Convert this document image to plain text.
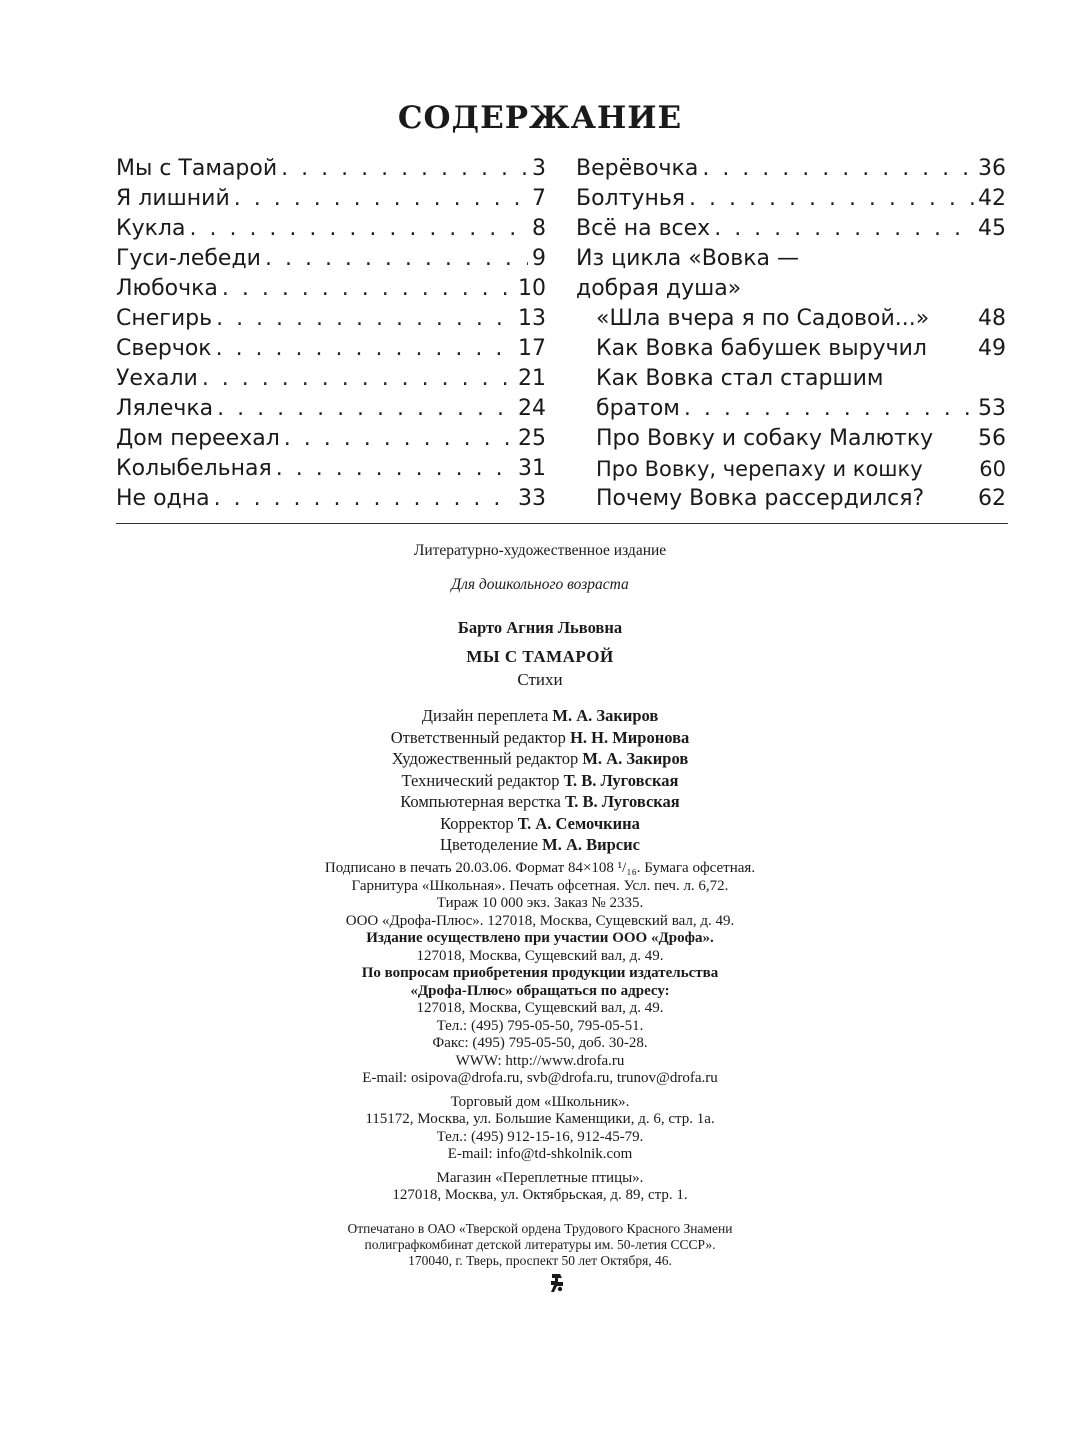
СОДЕРЖАНИЕ
Мы с Тамарой . . .	3
Я лишний . . .	7
Кукла . . .	8
Гуси-лебеди . . .	9
Любочка . . .	10
Снегирь . . .	13
Сверчок . . .	17
Уехали . . .	21
Лялечка . . .	24
Дом переехал . . .	25
Колыбельная . . .	31
Не одна . . .	33
Верёвочка . . .	36
Болтунья . . .	42
Всё на всех . . .	45
Из цикла «Вовка —
добрая душа»
«Шла вчера я по Садовой...» 48
Как Вовка бабушек выручил 49
Как Вовка стал старшим
братом . . .	53
Про Вовку и собаку Малютку 56
Про Вовку, черепаху и кошку	60
Почему Вовка рассердился? 62
Литературно-художественное издание
Для дошкольного возраста
Барто Агния Львовна
МЫ С ТАМАРОЙ
Стихи
Дизайн переплета М. А. Закиров
Ответственный редактор Н. Н. Миронова
Художественный редактор М. А. Закиров
Технический редактор Т. В. Луговская
Компьютерная верстка Т. В. Луговская
Корректор Т. А. Семочкина
Цветоделение М. А. Вирсис
Подписано в печать 20.03.06. Формат 84×108 ¹/₁₆. Бумага офсетная.
Гарнитура «Школьная». Печать офсетная. Усл. печ. л. 6,72.
Тираж 10 000 экз. Заказ № 2335.
ООО «Дрофа-Плюс». 127018, Москва, Сущевский вал, д. 49.
Издание осуществлено при участии ООО «Дрофа».
127018, Москва, Сущевский вал, д. 49.
По вопросам приобретения продукции издательства
«Дрофа-Плюс» обращаться по адресу:
127018, Москва, Сущевский вал, д. 49.
Тел.: (495) 795-05-50, 795-05-51.
Факс: (495) 795-05-50, доб. 30-28.
WWW: http://www.drofa.ru
E-mail: osipova@drofa.ru, svb@drofa.ru, trunov@drofa.ru
Торговый дом «Школьник».
115172, Москва, ул. Большие Каменщики, д. 6, стр. 1а.
Тел.: (495) 912-15-16, 912-45-79.
E-mail: info@td-shkolnik.com
Магазин «Переплетные птицы».
127018, Москва, ул. Октябрьская, д. 89, стр. 1.
Отпечатано в ОАО «Тверской ордена Трудового Красного Знамени
полиграфкомбинат детской литературы им. 50-летия СССР».
170040, г. Тверь, проспект 50 лет Октября, 46.
